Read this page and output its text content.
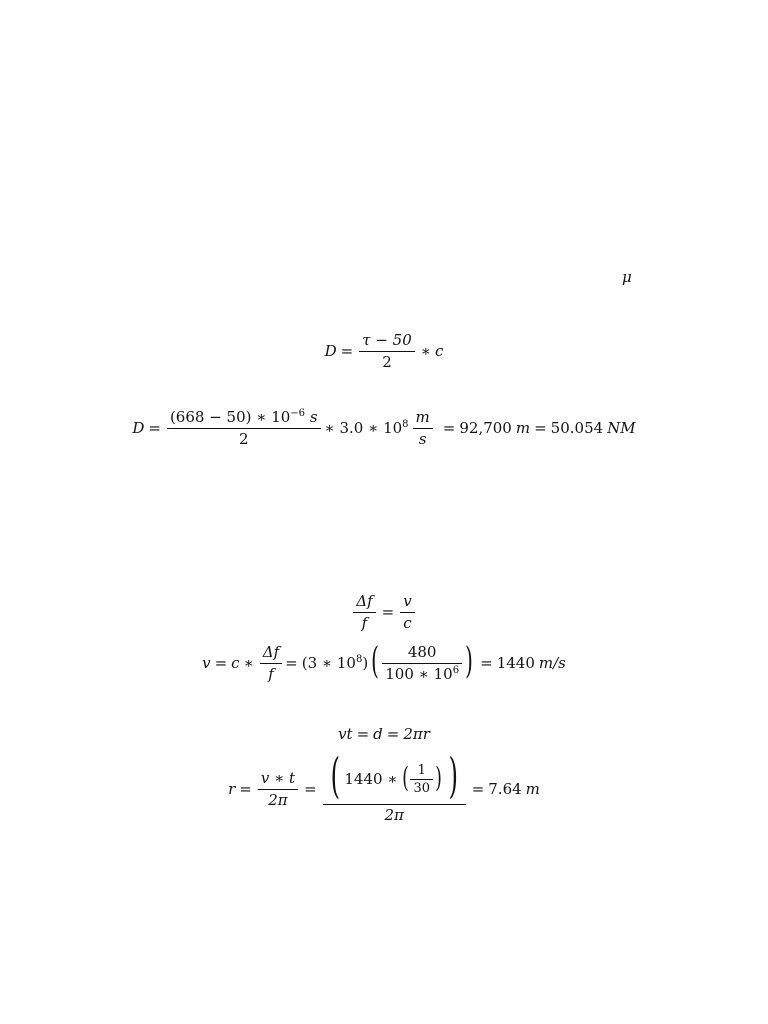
μ
$D = \frac{\tau - 50}{2}$ ∗ c
$D = \frac{(668 - 50) ∗ 10^{-6} s}{2}$ ∗ 3.0 ∗ $10^8 \frac{m}{s} = 92,700$ m = 50.054 NM
$\frac{\Delta f}{f} = \frac{v}{c}$
v = c ∗ $\frac{\Delta f}{f} = (3$ ∗ $10^8$) ( $\frac{480}{100 ∗ 10^6}$ ) = 1440 m/s
vt = d = 2πr
$r = \frac{v ∗ t}{2\pi}$ = ( 1440 ∗ ( $\frac{1}{30}$ ) )
2π
= 7.64 m
